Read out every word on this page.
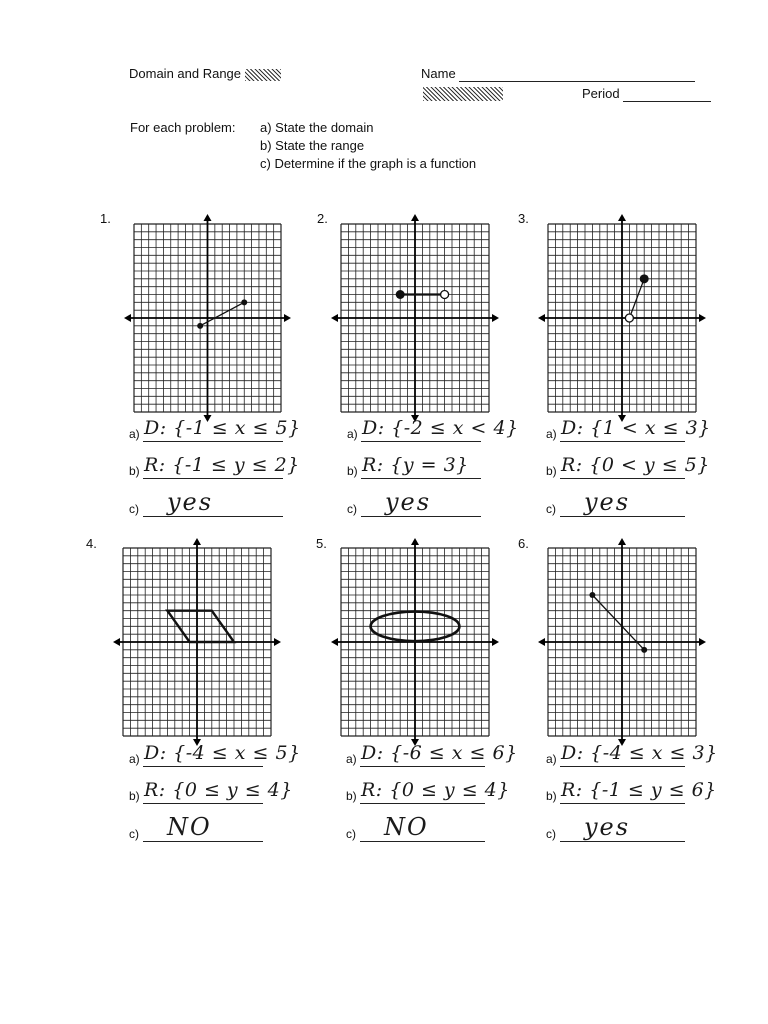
Domain and Range	Name
Period
For each problem: a) State the domain
b) State the range
c) Determine if the graph is a function
1.
a) D: {-1 ≤ x ≤ 5}
b) R: {-1 ≤ y ≤ 2}
c) yes
2.
a) D: {-2 ≤ x < 4}
b) R: {y = 3}
c) yes
3.
a) D: {1 < x ≤ 3}
b) R: {0 < y ≤ 5}
c) yes
4.
a) D: {-4 ≤ x ≤ 5}
b) R: {0 ≤ y ≤ 4}
c) NO
5.
a) D: {-6 ≤ x ≤ 6}
b) R: {0 ≤ y ≤ 4}
c) NO
6.
a) D: {-4 ≤ x ≤ 3}
b) R: {-1 ≤ y ≤ 6}
c) yes
